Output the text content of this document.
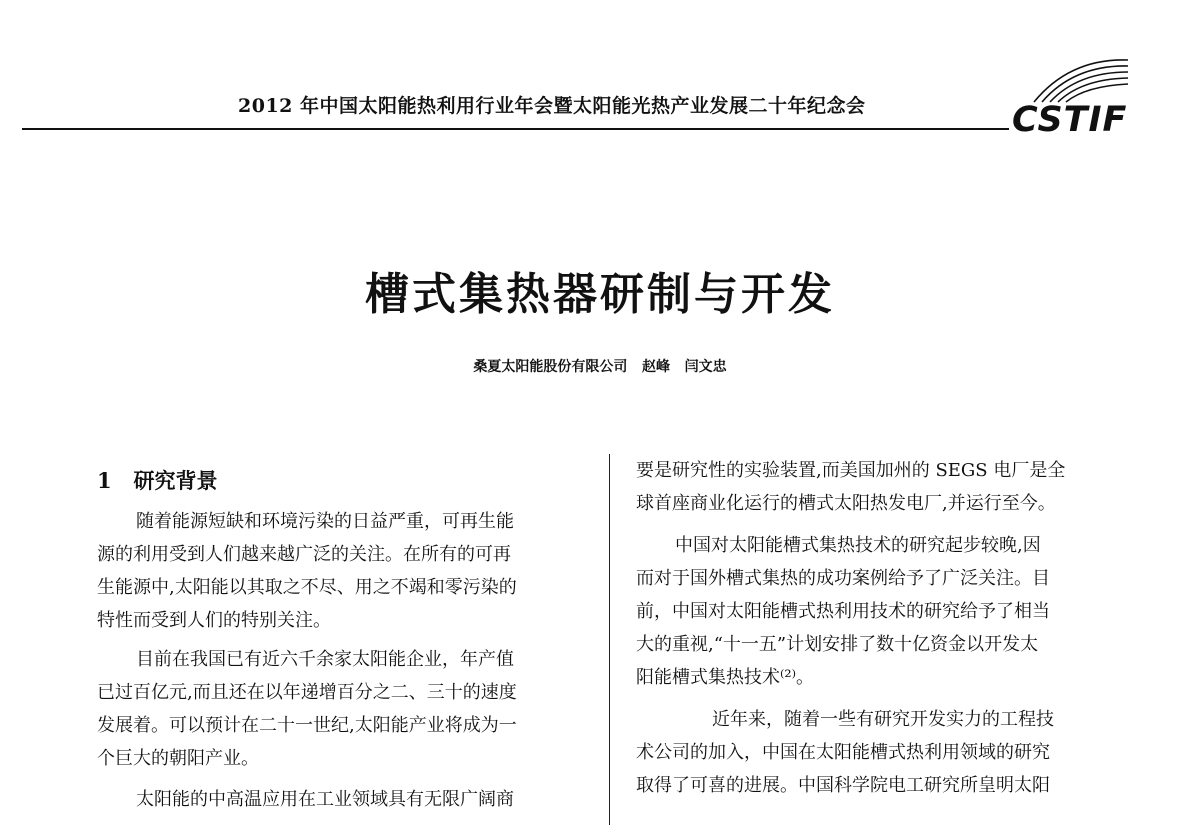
2012 年中国太阳能热利用行业年会暨太阳能光热产业发展二十年纪念会	CSTIF
槽式集热器研制与开发
桑夏太阳能股份有限公司   赵峰   闫文忠
1   研究背景
随着能源短缺和环境污染的日益严重，可再生能
源的利用受到人们越来越广泛的关注。在所有的可再
生能源中,太阳能以其取之不尽、用之不竭和零污染的
特性而受到人们的特别关注。
目前在我国已有近六千余家太阳能企业，年产值
已过百亿元,而且还在以年递增百分之二、三十的速度
发展着。可以预计在二十一世纪,太阳能产业将成为一
个巨大的朝阳产业。
太阳能的中高温应用在工业领域具有无限广阔商
要是研究性的实验装置,而美国加州的 SEGS 电厂是全
球首座商业化运行的槽式太阳热发电厂,并运行至今。
中国对太阳能槽式集热技术的研究起步较晚,因
而对于国外槽式集热的成功案例给予了广泛关注。目
前，中国对太阳能槽式热利用技术的研究给予了相当
大的重视,“十一五”计划安排了数十亿资金以开发太
阳能槽式集热技术⁽²⁾。
近年来，随着一些有研究开发实力的工程技
术公司的加入，中国在太阳能槽式热利用领域的研究
取得了可喜的进展。中国科学院电工研究所皇明太阳
